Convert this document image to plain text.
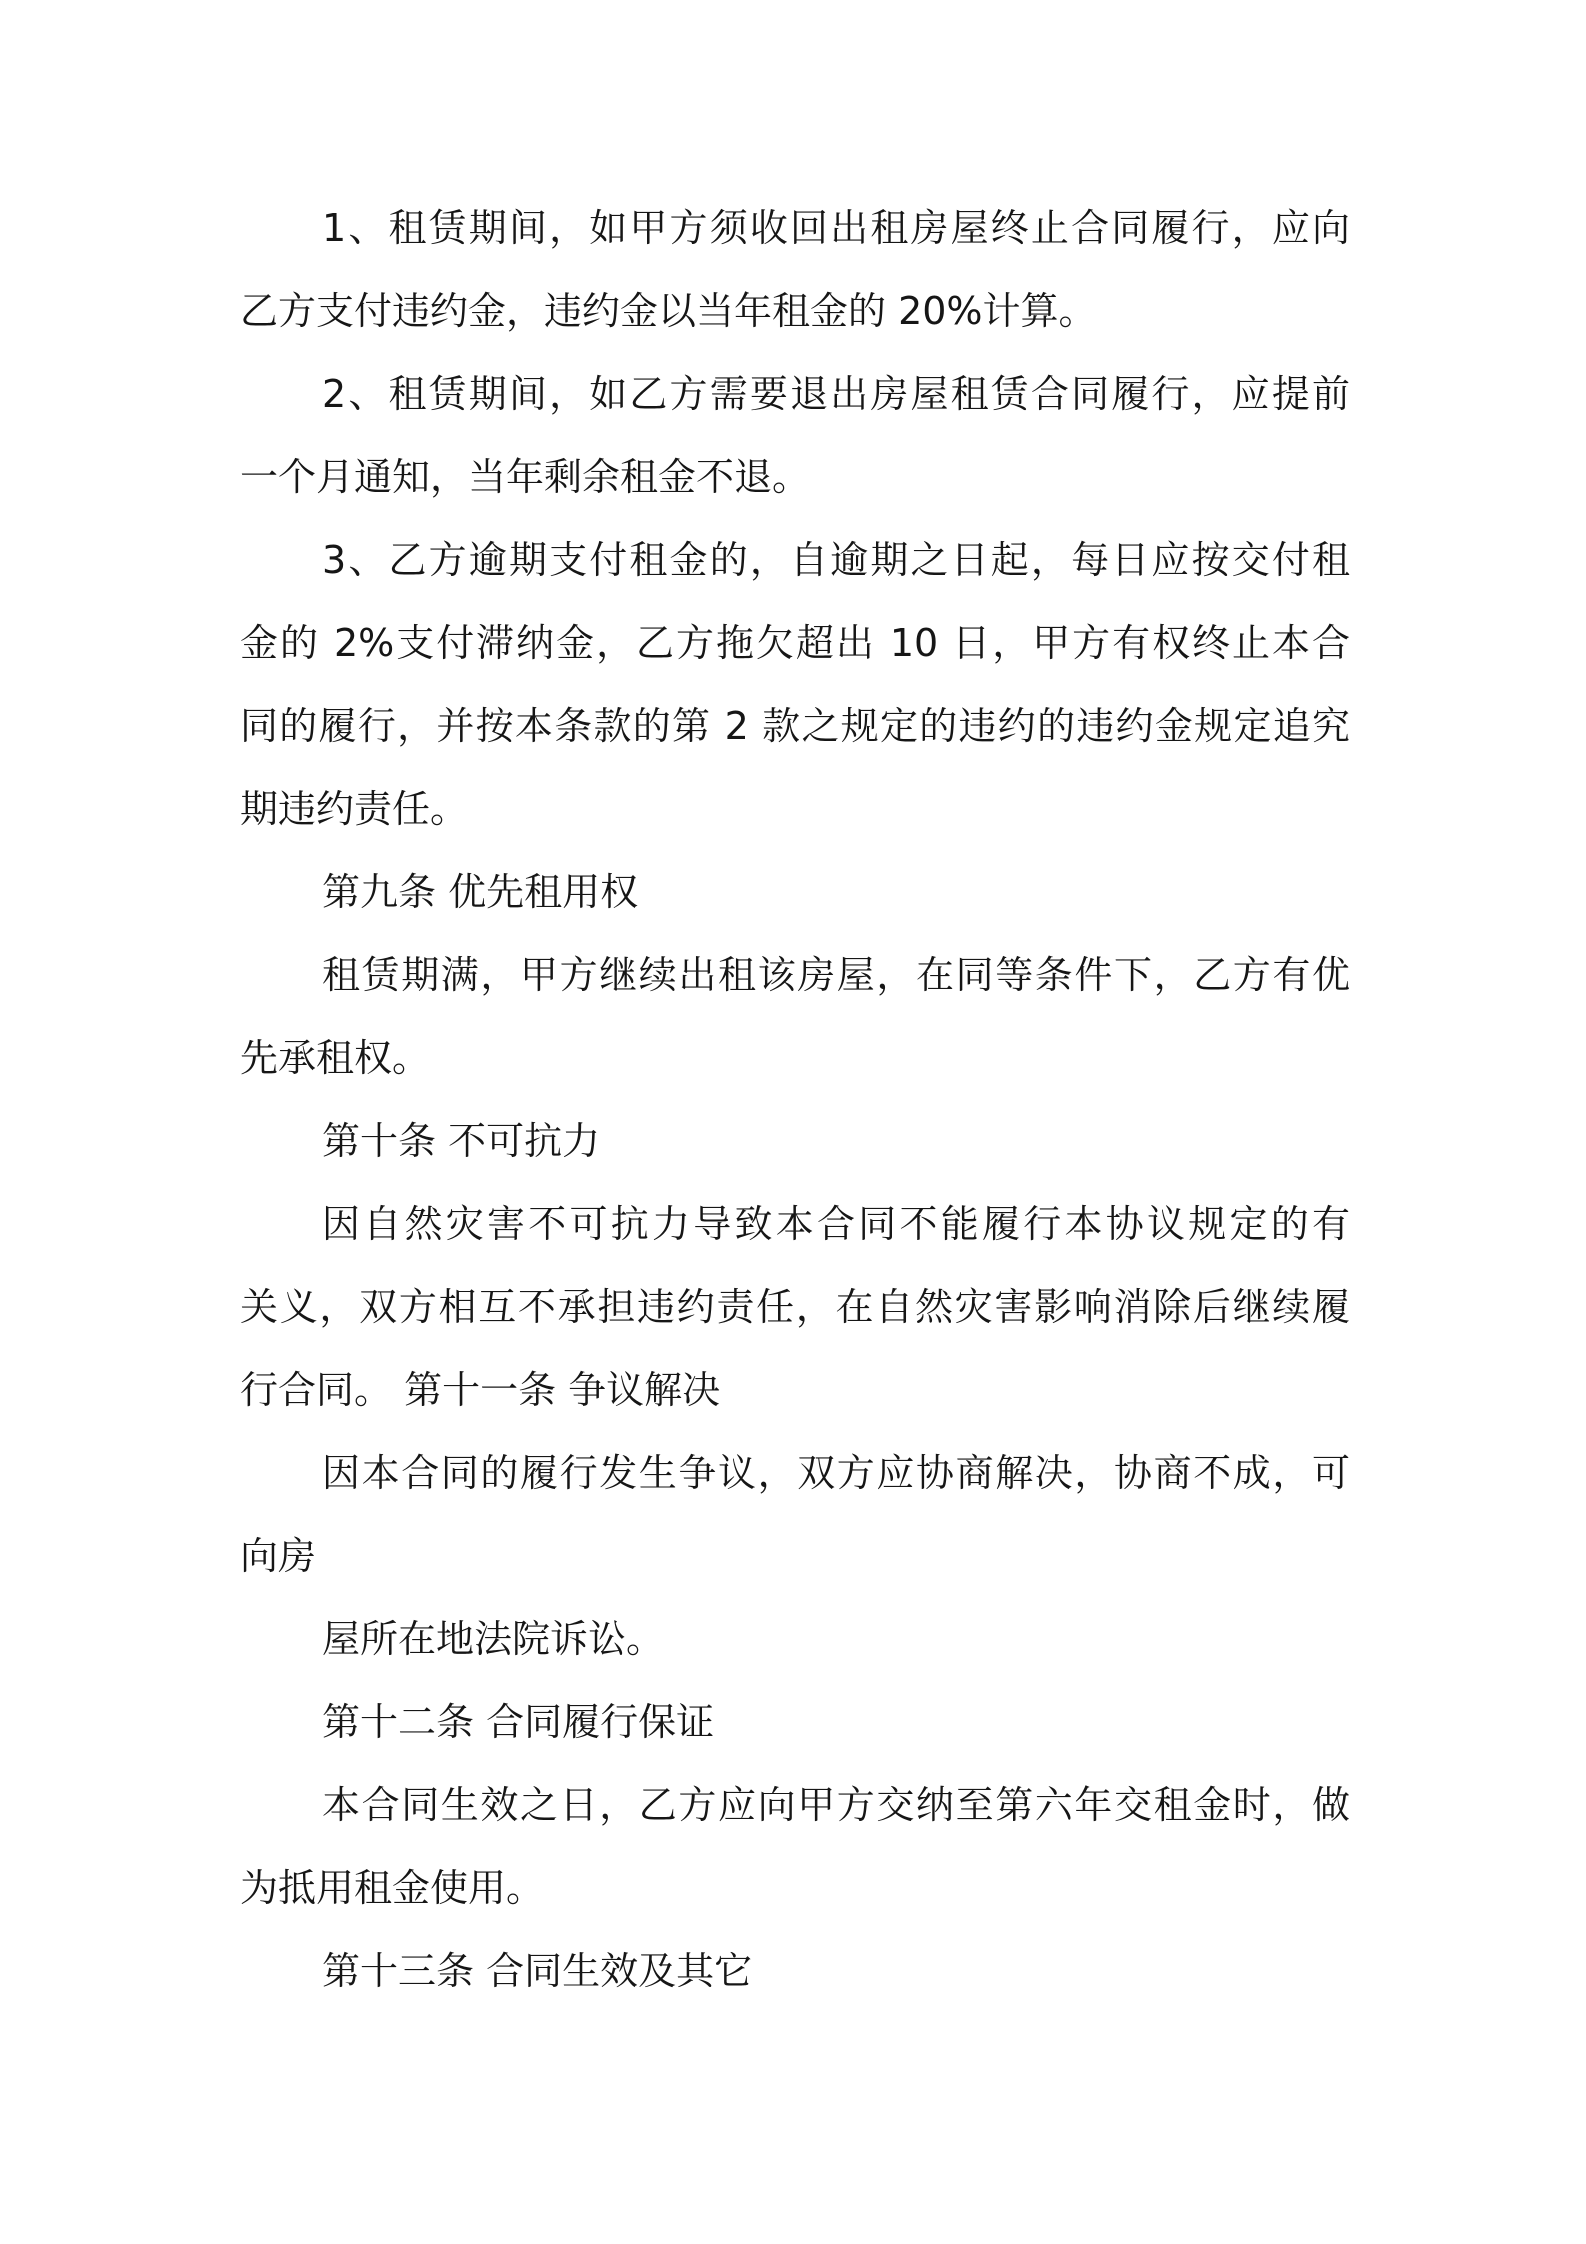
1、租赁期间，如甲方须收回出租房屋终止合同履行，应向

乙方支付违约金，违约金以当年租金的 20%计算。

2、租赁期间，如乙方需要退出房屋租赁合同履行，应提前

一个月通知，当年剩余租金不退。

3、乙方逾期支付租金的，自逾期之日起，每日应按交付租

金的 2%支付滞纳金，乙方拖欠超出 10 日，甲方有权终止本合

同的履行，并按本条款的第 2 款之规定的违约的违约金规定追究

期违约责任。

第九条 优先租用权

租赁期满，甲方继续出租该房屋，在同等条件下，乙方有优

先承租权。

第十条 不可抗力

因自然灾害不可抗力导致本合同不能履行本协议规定的有

关义，双方相互不承担违约责任，在自然灾害影响消除后继续履

行合同。 第十一条 争议解决

因本合同的履行发生争议，双方应协商解决，协商不成，可

向房

屋所在地法院诉讼。

第十二条 合同履行保证

本合同生效之日，乙方应向甲方交纳至第六年交租金时，做

为抵用租金使用。

第十三条 合同生效及其它
